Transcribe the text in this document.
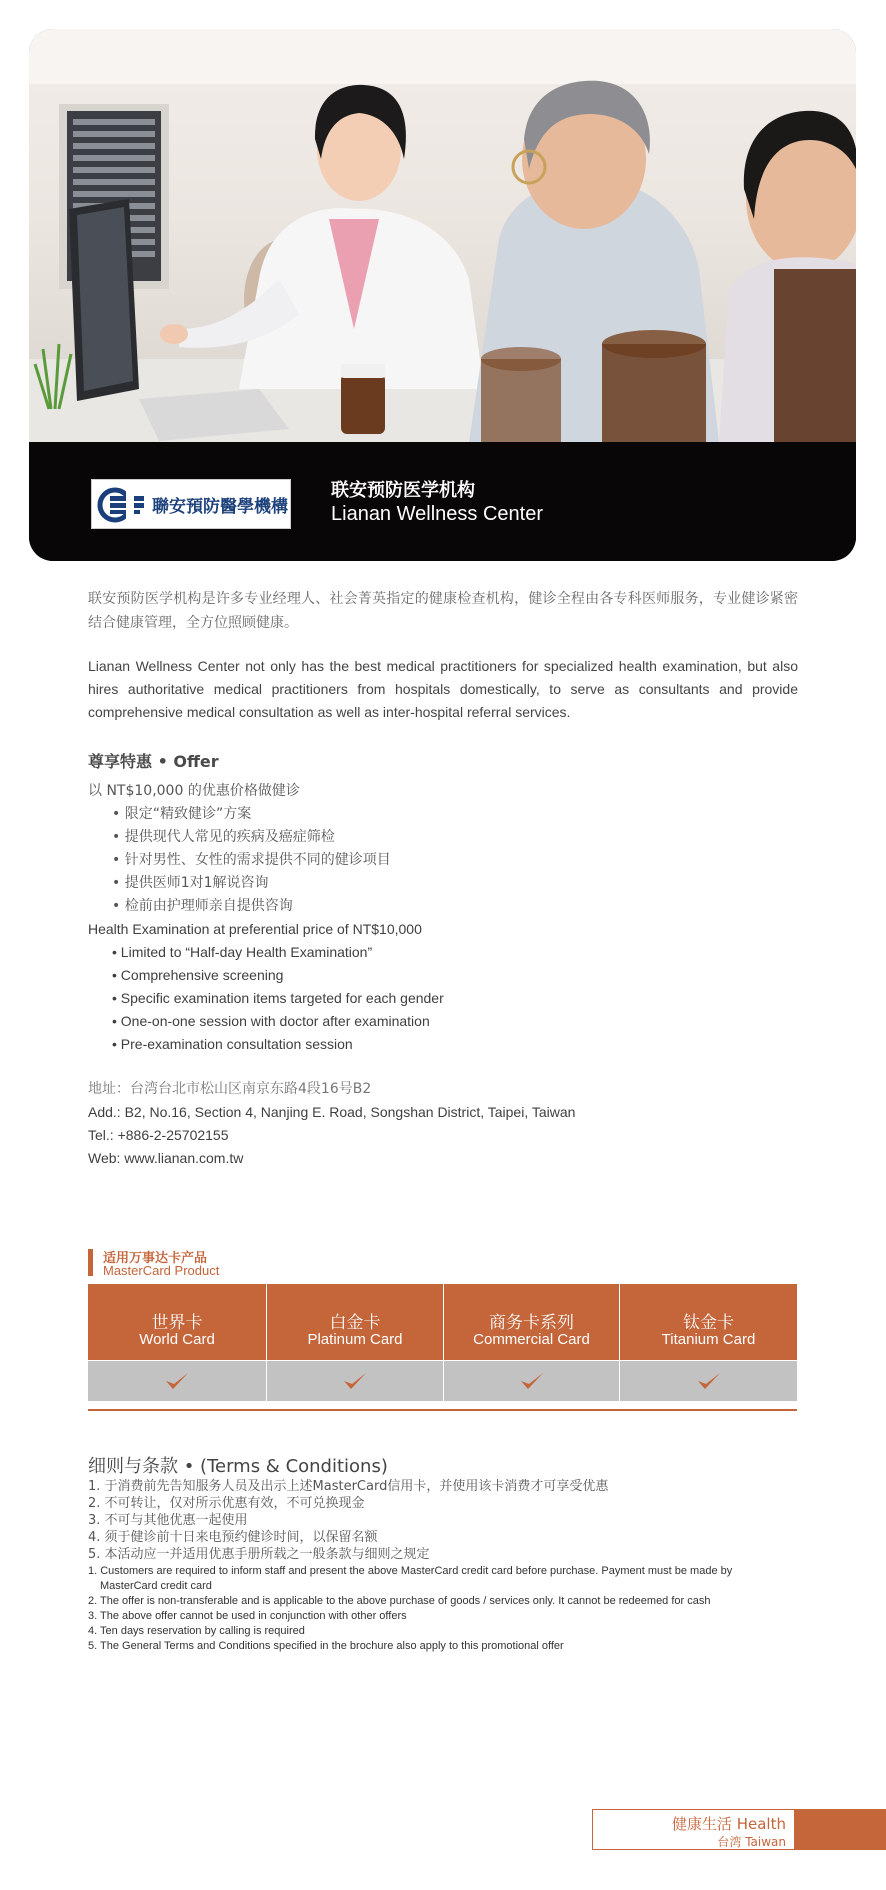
聯安預防醫學機構
联安预防医学机构
Lianan Wellness Center

联安预防医学机构是许多专业经理人、社会菁英指定的健康检查机构，健诊全程由各专科医师服务，专业健诊紧密结合健康管理，全方位照顾健康。

Lianan Wellness Center not only has the best medical practitioners for specialized health examination, but also hires authoritative medical practitioners from hospitals domestically, to serve as consultants and provide comprehensive medical consultation as well as inter-hospital referral services.

尊享特惠 • Offer
以 NT$10,000 的优惠价格做健诊
• 限定“精致健诊”方案
• 提供现代人常见的疾病及癌症筛检
• 针对男性、女性的需求提供不同的健诊项目
• 提供医师1对1解说咨询
• 检前由护理师亲自提供咨询
Health Examination at preferential price of NT$10,000
• Limited to “Half-day Health Examination”
• Comprehensive screening
• Specific examination items targeted for each gender
• One-on-one session with doctor after examination
• Pre-examination consultation session
地址：台湾台北市松山区南京东路4段16号B2
Add.: B2, No.16, Section 4, Nanjing E. Road, Songshan District, Taipei, Taiwan
Tel.: +886-2-25702155
Web: www.lianan.com.tw
适用万事达卡产品
MasterCard Product
世界卡
World Card
白金卡
Platinum Card
商务卡系列
Commercial Card
钛金卡
Titanium Card
细则与条款 • (Terms & Conditions)
1. 于消费前先告知服务人员及出示上述MasterCard信用卡，并使用该卡消费才可享受优惠
2. 不可转让，仅对所示优惠有效，不可兑换现金
3. 不可与其他优惠一起使用
4. 须于健诊前十日来电预约健诊时间，以保留名额
5. 本活动应一并适用优惠手册所载之一般条款与细则之规定
1. Customers are required to inform staff and present the above MasterCard credit card before purchase. Payment must be made by MasterCard credit card
2. The offer is non-transferable and is applicable to the above purchase of goods / services only. It cannot be redeemed for cash
3. The above offer cannot be used in conjunction with other offers
4. Ten days reservation by calling is required
5. The General Terms and Conditions specified in the brochure also apply to this promotional offer
健康生活 Health
台湾 Taiwan
